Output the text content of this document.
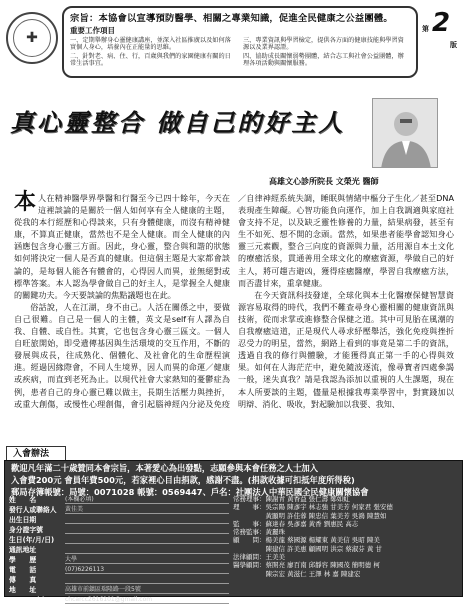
✚
宗旨：本協會以宣導預防醫學、相關之專業知識，促進全民健康之公益團體。
重要工作項目
一、定期舉辦身心靈健康講座，並深入社區推廣以及如何落實個人身心，培養內在正能量的思維。
三、專業資訊與學習檢定，提供各方面的健康技能與學習資源以及業界認證。
二、針對老、病、住、行，百歲與我們的家園健康有關的日常生活事宜。
四、協助成長關懷弱勢團體，結合志工與社會公益團體，辦理各項活動與關懷服務。
第 2
版
真心靈整合 做自己的好主人
高雄文心診所院長 文榮光 醫師

本人在精神醫學界學醫和行醫至今已四十餘年，今天在這裡談論的是關於一個人如何享有全人健康的主題，從我的本行經歷和心得談來，只有身體健康，而沒有精神健康，不算真正健康，當然也不是全人健康。而全人健康的內涵應包含身心靈三方面。因此，身心靈，整合與和諧的狀態如何將決定一個人是否真的健康。但這個主題是大家都會談論的，是每個人能各有體會的，心得因人而異，並無絕對或標準答案。本人認為學會做自己的好主人，是掌握全人健康的關鍵功夫。今天要談論的焦點議題也在此。

俗話說，人在江湖，身不由己。人活在關係之中，要做自己很難。自己是一個人的主體，英文是self有人譯為自我、自體、或自性。其實，它也包含身心靈三區文。一個人自旺旅開始，即受遺傳基因與生活環境的交互作用，不斷的發展與成長，往成熟化、個體化、及社會化的生命歷程演進。經過因緣際會，不同人生境界，因人而異的命運／健康或疾病，而直到老死為止。以現代社會大家熱知的憂鬱症為例，患者自己的身心靈已難以做主，長期生活壓力與挫折，或重大創傷，或慢性心理創傷，會引起腦神經內分泌及免疫／自律神經系統失調，睡眠與情緒中樞分子生化／甚至DNA表現產生障礙。心智功能負向運作，加上自我調適與家庭社會支持不足，以及缺乏靈性修養的力量，結果病發，甚至有生不如死、想不開的念頭。當然，如果患者能學會認知身心靈三元素觀，整合三向度的資源與力量，活用源自本土文化的療癒活泉，貫通善用全球文化的療癒資源，學做自己的好主人，將可趨吉避凶，獲得痊癒醫療，學習自我療癒方法，而否盡甘來，重拿健康。

在今天資訊科技發達，全球化與本土化醫療保健智慧資源容易取得的時代，我們不難查尋身心靈相關的健康資訊與技術，從而求掌或進修整合保健之道。其中可見胎在風潮的自我療癒這道，正是現代人尋求紓壓舉活，強化免疫與挫折忍受力的明星，當然，網路上看到的事竟是第二手的資訊，透過自我的修行與體驗，才能獲得真正第一手的心得與效果。如何在人海茫茫中，避免隨波逐流，像尋寶者四處參謁一般，迷失真我？請是我認為添加以重視的人生課題，現在本人所要談的主題，儘量是根據我專業學習中，對實踐加以明辯、消化、吸收，對起驗加以我要、我知、

入會辦法
歡迎凡年滿二十歲贊同本會宗旨，本著愛心為出發點，志願參與本會任務之人士加入
入會費200元 會員年費500元，若家裡心目由捐款，感謝不盡。(捐款收據可扣抵年度所得稅)
郵局存簿帳號：局號：0071028 帳號：0569447、戶名：社團法人中華民國全民健康關懷協會
姓　　名	(本欄必填)
發行人或聯絡人	黃佳美
出生日期
身分證字號
生日(年/月/日)
通訊地址
學　　歷	大學
電　　話	(07)6226113
傳　　真
地　　址	高雄市前鎮區瑞隆路一段5號
E - M a i l	chcarcc2616101@gmail.com
常務理事：陳謝青 黃香益 張仁壽 鄭如虹
理　　事：吳宗陽 陳彥宇 林志強 甘美芳 何家君 張安德
　　　　　黃顯明 許佳蓉 陳忠信 葉美芳 吳鴻 陳慧如
監　　事：蘇達春 吳彥嘉 黃香 劉惠民 高志
常務監事：黃麗珠
顧　　問：楊美龍 蔡國源 楊耀東 黃美信 吳昭 陳美
　　　　　陳建信 許美惠 顧國明 洪宗 蔡淑芬 黃 甘
法律顧問：王美美
醫學顧問：蔡開亮 廖百南 邱靜容 陳國茂 簡明德 柯
　　　　　陳宗宏 黃滋仁 王澤 林 嘉 陳建宏
